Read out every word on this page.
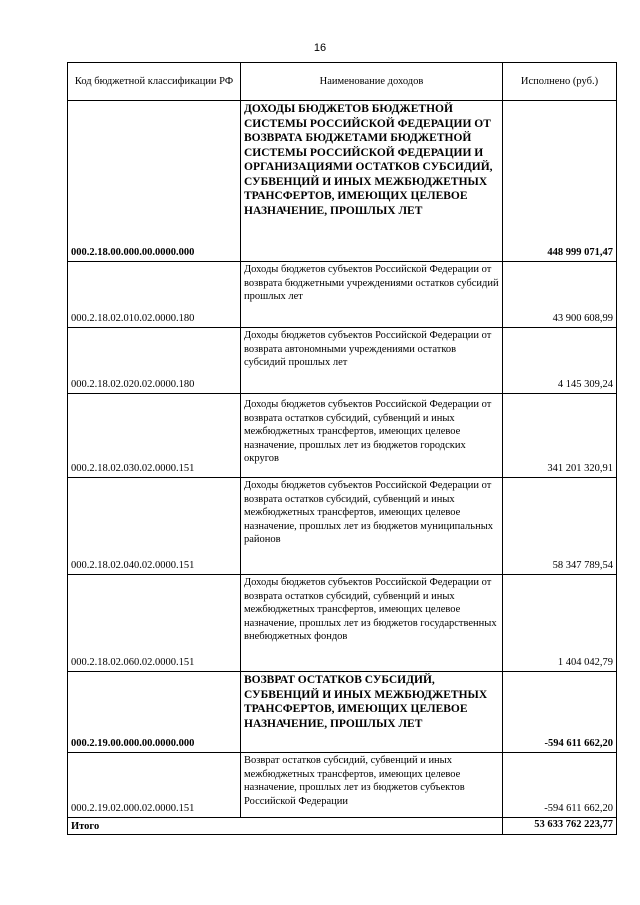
16
Код бюджетной классификации РФ	Наименование доходов	Исполнено (руб.)
000.2.18.00.000.00.0000.000	ДОХОДЫ БЮДЖЕТОВ БЮДЖЕТНОЙ СИСТЕМЫ РОССИЙСКОЙ ФЕДЕРАЦИИ ОТ ВОЗВРАТА БЮДЖЕТАМИ БЮДЖЕТНОЙ СИСТЕМЫ РОССИЙСКОЙ ФЕДЕРАЦИИ И ОРГАНИЗАЦИЯМИ ОСТАТКОВ СУБСИДИЙ, СУБВЕНЦИЙ И ИНЫХ МЕЖБЮДЖЕТНЫХ ТРАНСФЕРТОВ, ИМЕЮЩИХ ЦЕЛЕВОЕ НАЗНАЧЕНИЕ, ПРОШЛЫХ ЛЕТ	448 999 071,47
000.2.18.02.010.02.0000.180	Доходы бюджетов субъектов Российской Федерации от возврата бюджетными учреждениями остатков субсидий прошлых лет	43 900 608,99
000.2.18.02.020.02.0000.180	Доходы бюджетов субъектов Российской Федерации от возврата автономными учреждениями остатков субсидий прошлых лет	4 145 309,24
000.2.18.02.030.02.0000.151	Доходы бюджетов субъектов Российской Федерации от возврата остатков субсидий, субвенций и иных межбюджетных трансфертов, имеющих целевое назначение, прошлых лет из бюджетов городских округов	341 201 320,91
000.2.18.02.040.02.0000.151	Доходы бюджетов субъектов Российской Федерации от возврата остатков субсидий, субвенций и иных межбюджетных трансфертов, имеющих целевое назначение, прошлых лет из бюджетов муниципальных районов	58 347 789,54
000.2.18.02.060.02.0000.151	Доходы бюджетов субъектов Российской Федерации от возврата остатков субсидий, субвенций и иных межбюджетных трансфертов, имеющих целевое назначение, прошлых лет из бюджетов государственных внебюджетных фондов	1 404 042,79
000.2.19.00.000.00.0000.000	ВОЗВРАТ ОСТАТКОВ СУБСИДИЙ, СУБВЕНЦИЙ И ИНЫХ МЕЖБЮДЖЕТНЫХ ТРАНСФЕРТОВ, ИМЕЮЩИХ ЦЕЛЕВОЕ НАЗНАЧЕНИЕ, ПРОШЛЫХ ЛЕТ	-594 611 662,20
000.2.19.02.000.02.0000.151	Возврат остатков субсидий, субвенций и иных межбюджетных трансфертов, имеющих целевое назначение, прошлых лет из бюджетов субъектов Российской Федерации	-594 611 662,20
Итого		53 633 762 223,77
